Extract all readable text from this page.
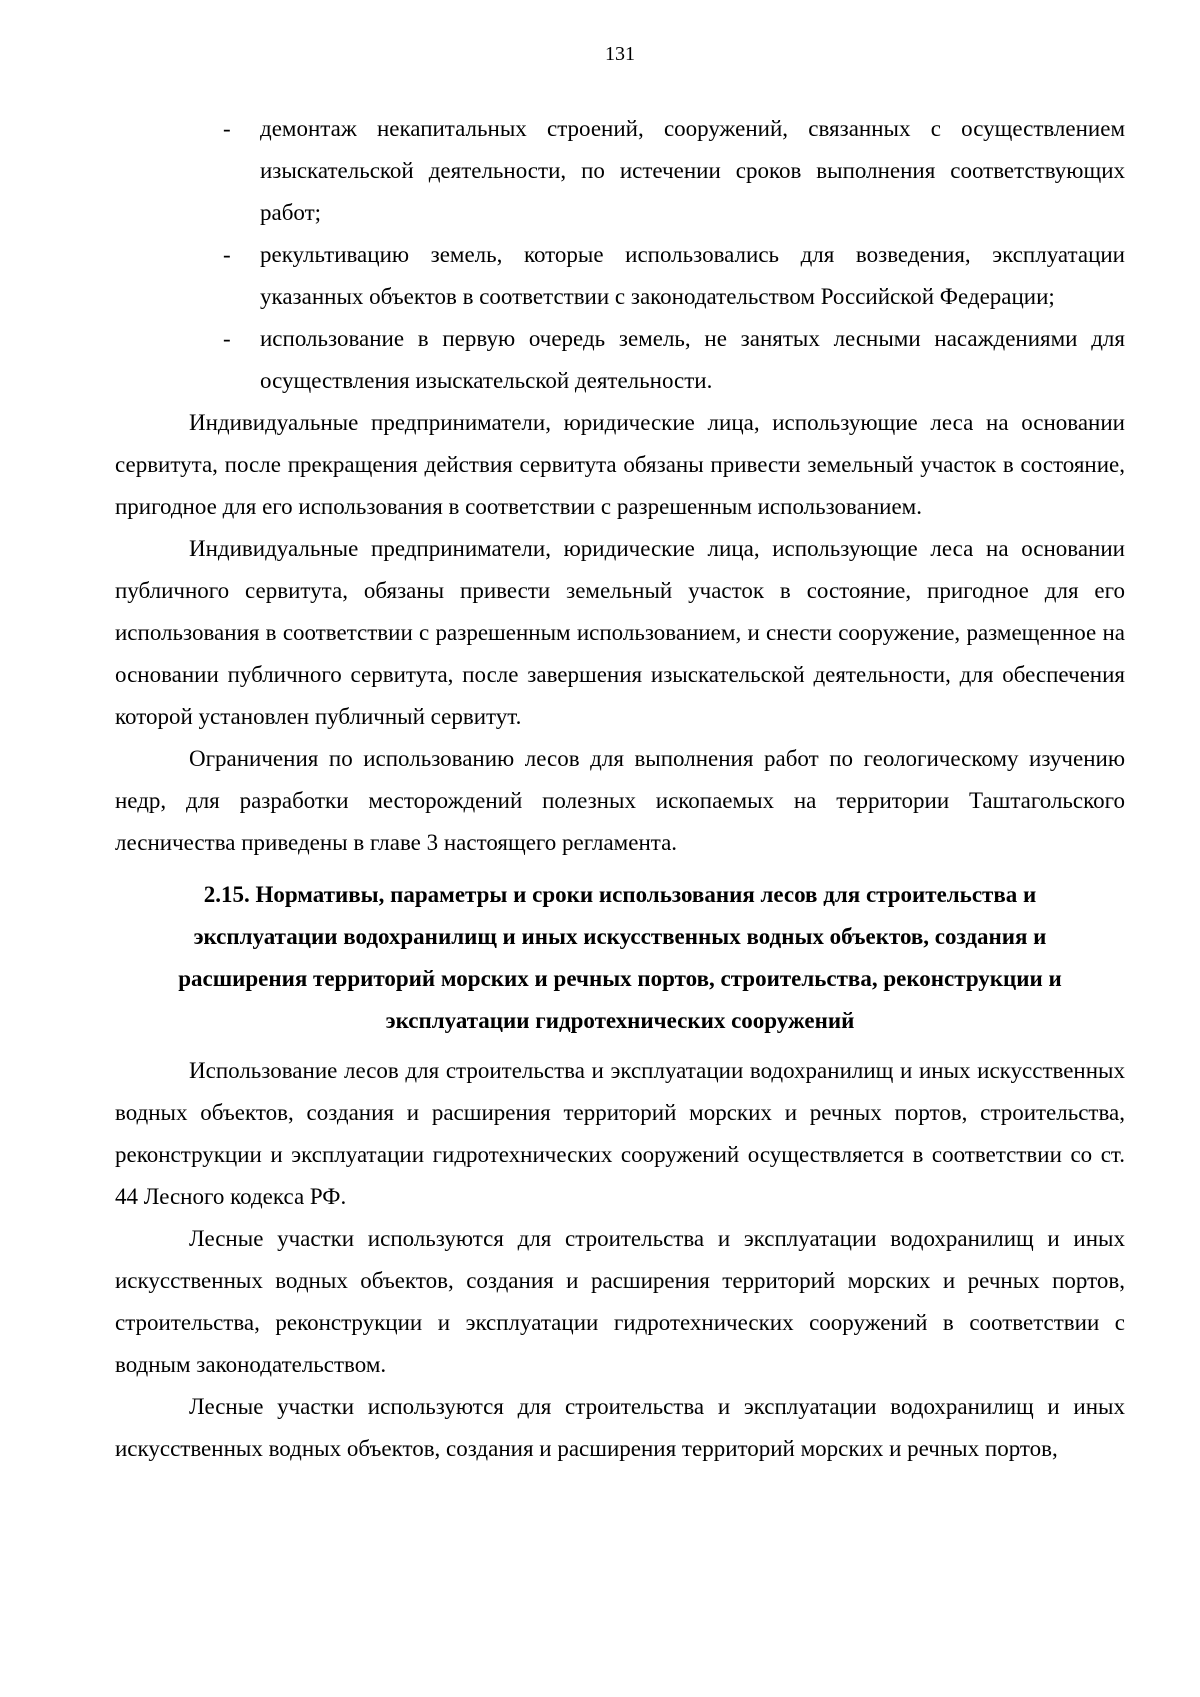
131
- демонтаж некапитальных строений, сооружений, связанных с осуществлением изыскательской деятельности, по истечении сроков выполнения соответствующих работ;
- рекультивацию земель, которые использовались для возведения, эксплуатации указанных объектов в соответствии с законодательством Российской Федерации;
- использование в первую очередь земель, не занятых лесными насаждениями для осуществления изыскательской деятельности.

Индивидуальные предприниматели, юридические лица, использующие леса на основании сервитута, после прекращения действия сервитута обязаны привести земельный участок в состояние, пригодное для его использования в соответствии с разрешенным использованием.

Индивидуальные предприниматели, юридические лица, использующие леса на основании публичного сервитута, обязаны привести земельный участок в состояние, пригодное для его использования в соответствии с разрешенным использованием, и снести сооружение, размещенное на основании публичного сервитута, после завершения изыскательской деятельности, для обеспечения которой установлен публичный сервитут.

Ограничения по использованию лесов для выполнения работ по геологическому изучению недр, для разработки месторождений полезных ископаемых на территории Таштагольского лесничества приведены в главе 3 настоящего регламента.

2.15. Нормативы, параметры и сроки использования лесов для строительства и эксплуатации водохранилищ и иных искусственных водных объектов, создания и расширения территорий морских и речных портов, строительства, реконструкции и эксплуатации гидротехнических сооружений

Использование лесов для строительства и эксплуатации водохранилищ и иных искусственных водных объектов, создания и расширения территорий морских и речных портов, строительства, реконструкции и эксплуатации гидротехнических сооружений осуществляется в соответствии со ст. 44 Лесного кодекса РФ.

Лесные участки используются для строительства и эксплуатации водохранилищ и иных искусственных водных объектов, создания и расширения территорий морских и речных портов, строительства, реконструкции и эксплуатации гидротехнических сооружений в соответствии с водным законодательством.

Лесные участки используются для строительства и эксплуатации водохранилищ и иных искусственных водных объектов, создания и расширения территорий морских и речных портов,
